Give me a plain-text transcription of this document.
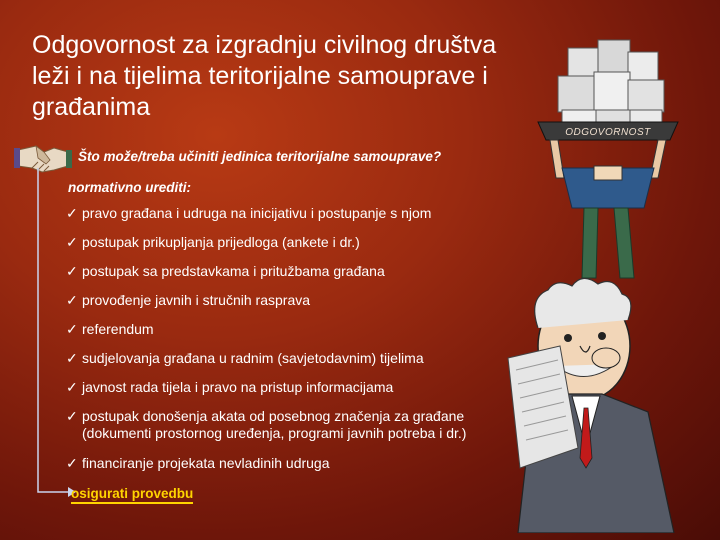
Odgovornost za izgradnju civilnog društva leži i na tijelima teritorijalne samouprave i građanima
Što može/treba učiniti jedinica teritorijalne samouprave?
normativno urediti:
✓ pravo građana i udruga na inicijativu i postupanje s njom
✓ postupak prikupljanja prijedloga (ankete i dr.)
✓ postupak sa predstavkama i pritužbama građana
✓ provođenje javnih i stručnih rasprava
✓ referendum
✓ sudjelovanja građana u radnim (savjetodavnim) tijelima
✓ javnost rada tijela i pravo na pristup informacijama
✓ postupak donošenja akata od posebnog značenja za građane (dokumenti prostornog uređenja, programi javnih potreba i dr.)
✓ financiranje projekata nevladinih udruga
osigurati provedbu
ODGOVORNOST
